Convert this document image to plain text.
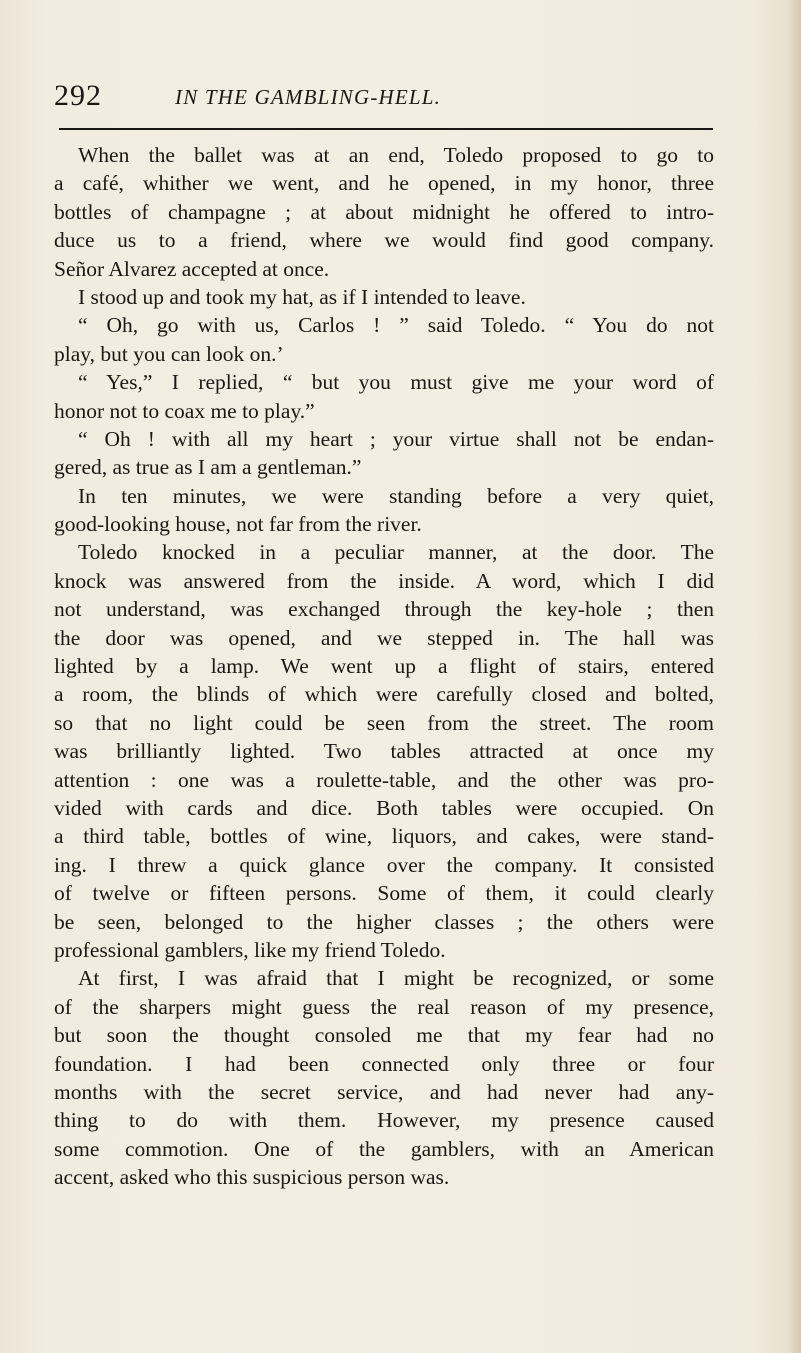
292	IN THE GAMBLING-HELL.
When the ballet was at an end, Toledo proposed to go to
a café, whither we went, and he opened, in my honor, three
bottles of champagne ; at about midnight he offered to intro-
duce us to a friend, where we would find good company.
Señor Alvarez accepted at once.
I stood up and took my hat, as if I intended to leave.
“ Oh, go with us, Carlos ! ” said Toledo. “ You do not
play, but you can look on.’
“ Yes,” I replied, “ but you must give me your word of
honor not to coax me to play.”
“ Oh ! with all my heart ; your virtue shall not be endan-
gered, as true as I am a gentleman.”
In ten minutes, we were standing before a very quiet,
good-looking house, not far from the river.
Toledo knocked in a peculiar manner, at the door. The
knock was answered from the inside. A word, which I did
not understand, was exchanged through the key-hole ; then
the door was opened, and we stepped in. The hall was
lighted by a lamp. We went up a flight of stairs, entered
a room, the blinds of which were carefully closed and bolted,
so that no light could be seen from the street. The room
was brilliantly lighted. Two tables attracted at once my
attention : one was a roulette-table, and the other was pro-
vided with cards and dice. Both tables were occupied. On
a third table, bottles of wine, liquors, and cakes, were stand-
ing. I threw a quick glance over the company. It consisted
of twelve or fifteen persons. Some of them, it could clearly
be seen, belonged to the higher classes ; the others were
professional gamblers, like my friend Toledo.
At first, I was afraid that I might be recognized, or some
of the sharpers might guess the real reason of my presence,
but soon the thought consoled me that my fear had no
foundation. I had been connected only three or four
months with the secret service, and had never had any-
thing to do with them. However, my presence caused
some commotion. One of the gamblers, with an American
accent, asked who this suspicious person was.
